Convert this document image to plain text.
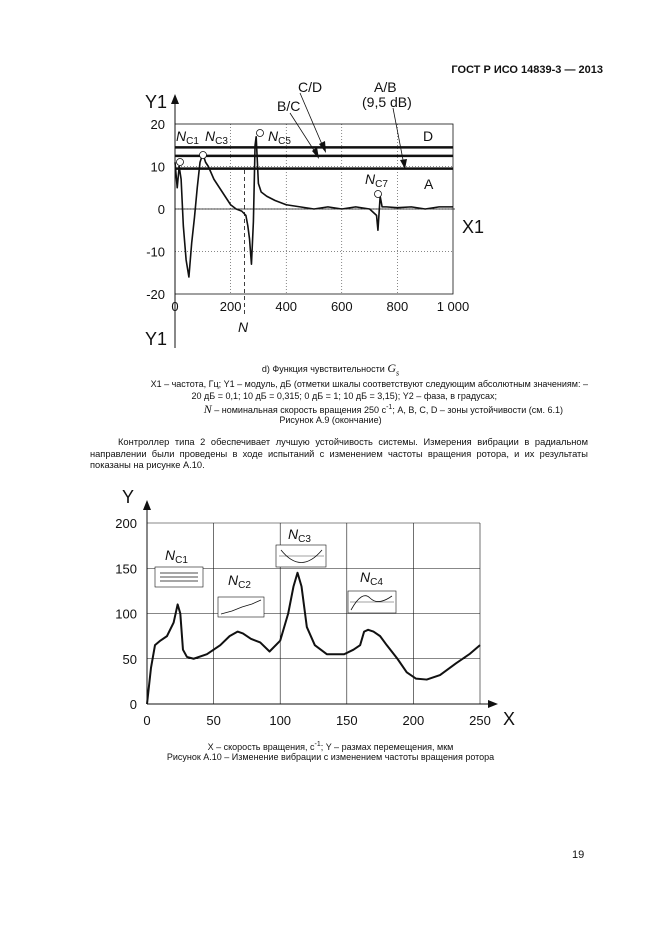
ГОСТ Р ИСО 14839-3 — 2013
Y1
Y1
X1
N
20
10
0
-10
-20
0	200	400	600	800 1 000
C/D
B/C
A/B
(9,5 dB)
D
A
$N_{C1}$ $N_{C3}$	$N_{C5}$
$N_{C7}$
d) Функция чувствительности $G_s$
X1 – частота, Гц; Y1 – модуль, дБ (отметки шкалы соответствуют следующим абсолютным значениям: –
20 дБ = 0,1; 10 дБ = 0,315; 0 дБ = 1; 10 дБ = 3,15); Y2 – фаза, в градусах;
N – номинальная скорость вращения 250 $с^{-1}$; A, B, C, D – зоны устойчивости (см. 6.1)
Рисунок А.9 (окончание)
Контроллер типа 2 обеспечивает лучшую устойчивость системы. Измерения вибрации в радиальном направлении были проведены в ходе испытаний с изменением частоты вращения ротора, и их результаты показаны на рисунке А.10.
Y
X
200
150
100
50
0
0	50	100	150	200	250
$N_{C1}$
$N_{C2}$
$N_{C3}$
$N_{C4}$
X – скорость вращения, $с^{-1}$; Y – размах перемещения, мкм
Рисунок А.10 – Изменение вибрации с изменением частоты вращения ротора
19
